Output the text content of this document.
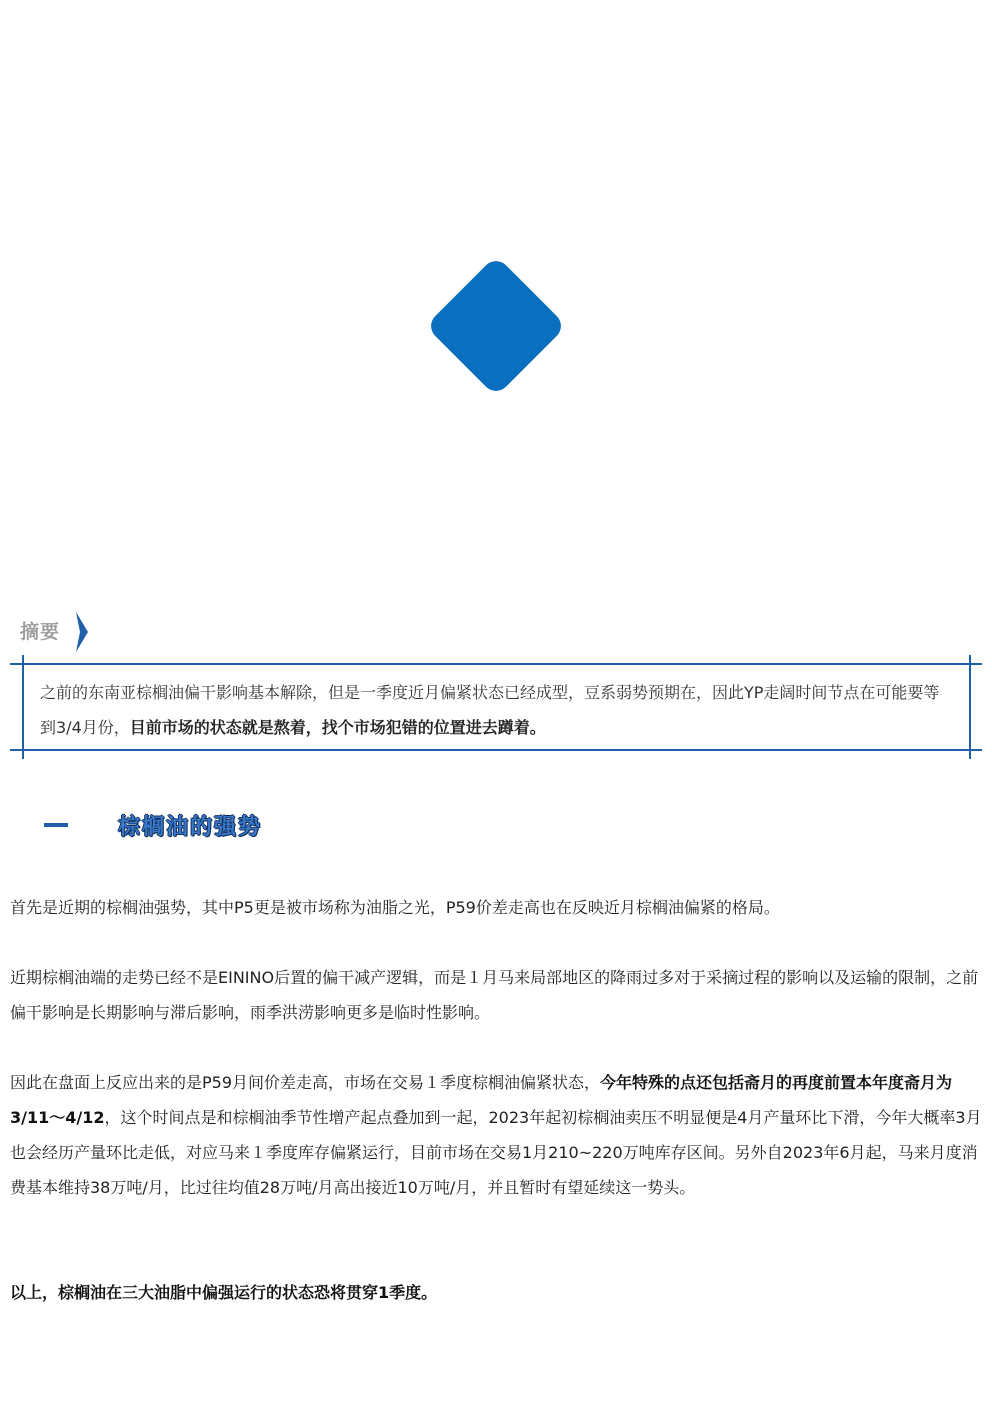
摘要
之前的东南亚棕榈油偏干影响基本解除，但是一季度近月偏紧状态已经成型，豆系弱势预期在，因此YP走阔时间节点在可能要等到3/4月份，目前市场的状态就是熬着，找个市场犯错的位置进去蹲着。
棕榈油的强势
首先是近期的棕榈油强势，其中P5更是被市场称为油脂之光，P59价差走高也在反映近月棕榈油偏紧的格局。
近期棕榈油端的走势已经不是EININO后置的偏干减产逻辑，而是１月马来局部地区的降雨过多对于采摘过程的影响以及运输的限制，之前偏干影响是长期影响与滞后影响，雨季洪涝影响更多是临时性影响。
因此在盘面上反应出来的是P59月间价差走高，市场在交易１季度棕榈油偏紧状态，今年特殊的点还包括斋月的再度前置本年度斋月为3/11～4/12，这个时间点是和棕榈油季节性增产起点叠加到一起，2023年起初棕榈油卖压不明显便是4月产量环比下滑，今年大概率3月也会经历产量环比走低，对应马来１季度库存偏紧运行，目前市场在交易1月210~220万吨库存区间。另外自2023年6月起，马来月度消费基本维持38万吨/月，比过往均值28万吨/月高出接近10万吨/月，并且暂时有望延续这一势头。
以上，棕榈油在三大油脂中偏强运行的状态恐将贯穿1季度。
